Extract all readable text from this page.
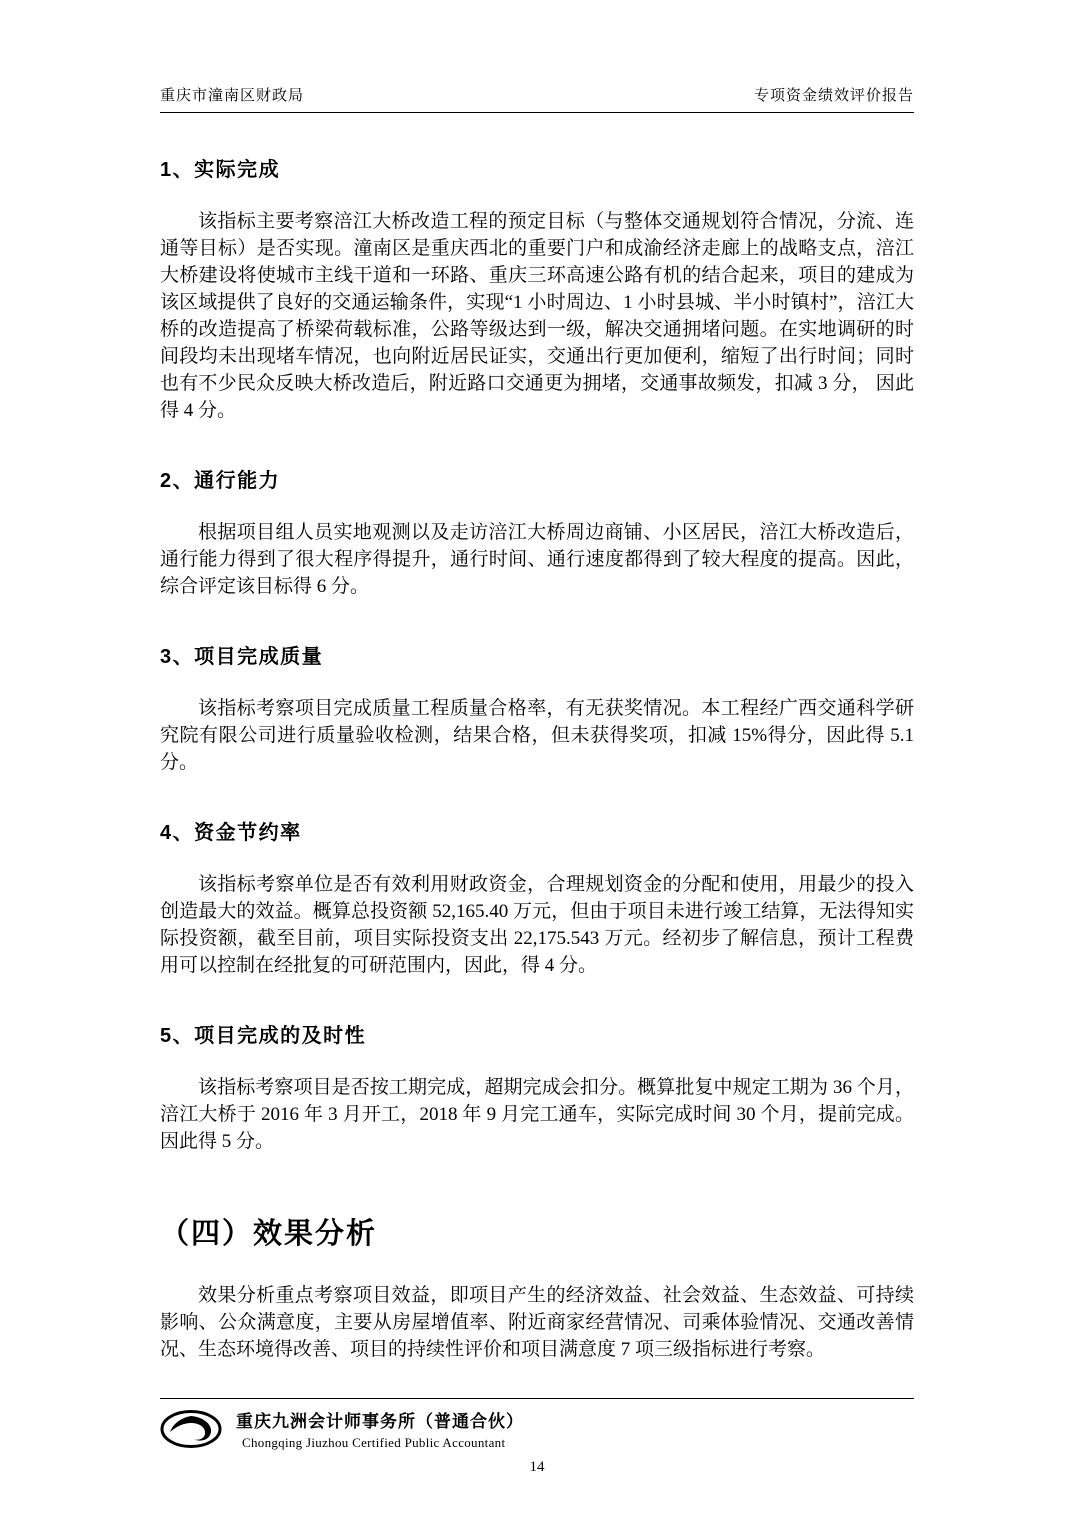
重庆市潼南区财政局	专项资金绩效评价报告
1、实际完成

该指标主要考察涪江大桥改造工程的预定目标（与整体交通规划符合情况，分流、连通等目标）是否实现。潼南区是重庆西北的重要门户和成渝经济走廊上的战略支点，涪江大桥建设将使城市主线干道和一环路、重庆三环高速公路有机的结合起来，项目的建成为该区域提供了良好的交通运输条件，实现“1 小时周边、1 小时县城、半小时镇村”，涪江大桥的改造提高了桥梁荷载标准，公路等级达到一级，解决交通拥堵问题。在实地调研的时间段均未出现堵车情况，也向附近居民证实，交通出行更加便利，缩短了出行时间；同时也有不少民众反映大桥改造后，附近路口交通更为拥堵，交通事故频发，扣减 3 分， 因此得 4 分。

2、通行能力

根据项目组人员实地观测以及走访涪江大桥周边商铺、小区居民，涪江大桥改造后，通行能力得到了很大程序得提升，通行时间、通行速度都得到了较大程度的提高。因此，综合评定该目标得 6 分。

3、项目完成质量

该指标考察项目完成质量工程质量合格率，有无获奖情况。本工程经广西交通科学研究院有限公司进行质量验收检测，结果合格，但未获得奖项，扣减 15%得分，因此得 5.1 分。

4、资金节约率

该指标考察单位是否有效利用财政资金，合理规划资金的分配和使用，用最少的投入创造最大的效益。概算总投资额 52,165.40 万元，但由于项目未进行竣工结算，无法得知实际投资额，截至目前，项目实际投资支出 22,175.543 万元。经初步了解信息，预计工程费用可以控制在经批复的可研范围内，因此，得 4 分。

5、项目完成的及时性

该指标考察项目是否按工期完成，超期完成会扣分。概算批复中规定工期为 36 个月，涪江大桥于 2016 年 3 月开工，2018 年 9 月完工通车，实际完成时间 30 个月，提前完成。因此得 5 分。

（四）效果分析

效果分析重点考察项目效益，即项目产生的经济效益、社会效益、生态效益、可持续影响、公众满意度，主要从房屋增值率、附近商家经营情况、司乘体验情况、交通改善情况、生态环境得改善、项目的持续性评价和项目满意度 7 项三级指标进行考察。

重庆九洲会计师事务所（普通合伙）
Chongqing Jiuzhou Certified Public Accountant
14
